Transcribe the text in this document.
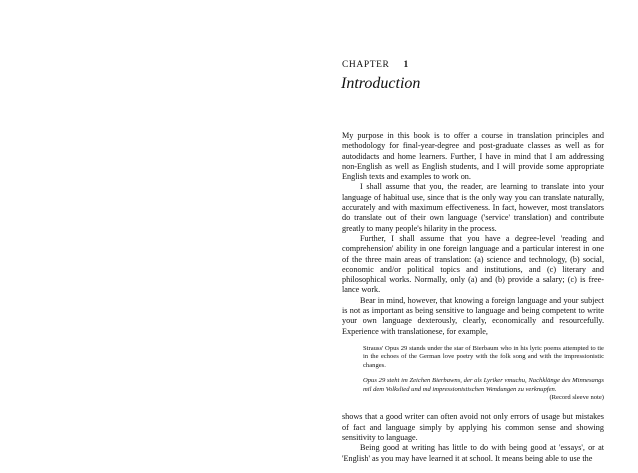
CHAPTER 1
Introduction

My purpose in this book is to offer a course in translation principles and methodology for final-year-degree and post-graduate classes as well as for autodidacts and home learners. Further, I have in mind that I am addressing non-English as well as English students, and I will provide some appropriate English texts and examples to work on.

I shall assume that you, the reader, are learning to translate into your language of habitual use, since that is the only way you can translate naturally, accurately and with maximum effectiveness. In fact, however, most translators do translate out of their own language ('service' translation) and contribute greatly to many people's hilarity in the process.

Further, I shall assume that you have a degree-level 'reading and comprehension' ability in one foreign language and a particular interest in one of the three main areas of translation: (a) science and technology, (b) social, economic and/or political topics and institutions, and (c) literary and philosophical works. Normally, only (a) and (b) provide a salary; (c) is free-lance work.

Bear in mind, however, that knowing a foreign language and your subject is not as important as being sensitive to language and being competent to write your own language dexterously, clearly, economically and resourcefully. Experience with translationese, for example,

Strauss' Opus 29 stands under the star of Bierbaum who in his lyric poems attempted to tie in the echoes of the German love poetry with the folk song and with the impressionistic changes.

Opus 29 steht im Zeichen Bierbawns, der als Lyriker vmuchu, Nachklänge des Minnesangs mil dem Volkslied und md impressionistischen Wendungen zu verknupfen.

(Record sleeve note)

shows that a good writer can often avoid not only errors of usage but mistakes of fact and language simply by applying his common sense and showing sensitivity to language.

Being good at writing has little to do with being good at 'essays', or at 'English' as you may have learned it at school. It means being able to use the
